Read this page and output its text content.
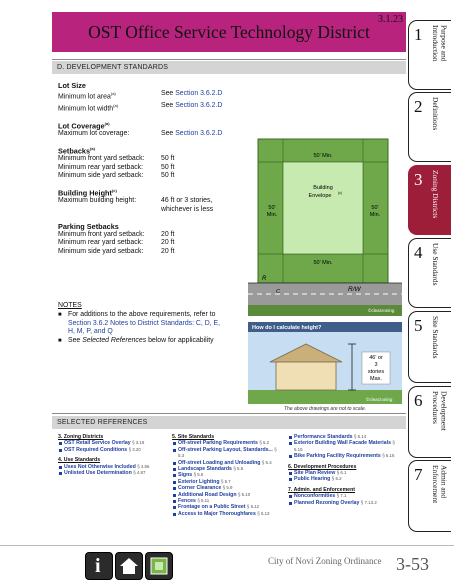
OST Office Service Technology District
3.1.23
D. DEVELOPMENT STANDARDS
Lot Size
Minimum lot area$^{(a)}$	See Section 3.6.2.D
Minimum lot width$^{(a)}$	See Section 3.6.2.D
Lot Coverage$^{(a)}$
Maximum lot coverage:	See Section 3.6.2.D
Setbacks$^{(a)}$
Minimum front yard setback:	50 ft
Minimum rear yard setback:	50 ft
Minimum side yard setback:	50 ft
Building Height$^{(c)}$
Maximum building height:	46 ft or 3 stories,
whichever is less
Parking Setbacks
Minimum front yard setback:	20 ft
Minimum rear yard setback:	20 ft
Minimum side yard setback:	20 ft
NOTES
■ For additions to the above requirements, refer to
Section 3.6.2 Notes to District Standards: C, D, E,
H, M, P, and Q
■ See Selected References below for applicability
50' Min.
50' Min.
50'
Min.
50'
Min.
Building
Envelope (c)
R
R/W
C
©clearzoning
How do I calculate height?
46' or
3
stories
Max.
©clearzoning
The above drawings are not to scale.
SELECTED REFERENCES
3. Zoning Districts
OST Retail Service Overlay § 3.19
OST Required Conditions § 3.20
4. Use Standards
Uses Not Otherwise Included § 4.86
Unlisted Use Determination § 4.87
5. Site Standards
Off-street Parking Requirements § 5.2
Off-street Parking Layout, Standards... § 5.3
Off-street Loading and Unloading § 5.4
Landscape Standards § 5.5
Signs § 5.6
Exterior Lighting § 5.7
Corner Clearance § 5.9
Additional Road Design § 5.10
Fences § 5.11
Frontage on a Public Street § 5.12
Access to Major Thoroughfares § 5.13
Performance Standards § 5.14
Exterior Building Wall Facade Materials § 5.15
Bike Parking Facility Requirements § 5.16
6. Development Procedures
Site Plan Review § 6.1
Public Hearing § 6.2
7. Admin. and Enforcement
Nonconformities § 7.1
Planned Rezoning Overlay § 7.13.2
1	Purpose and Introduction
2 Definitions
3 Zoning Districts
4 Use Standards
5 Site Standards
6	Development Procedures
7	Admin and Enforcement
i	City of Novi Zoning Ordinance 3-53
